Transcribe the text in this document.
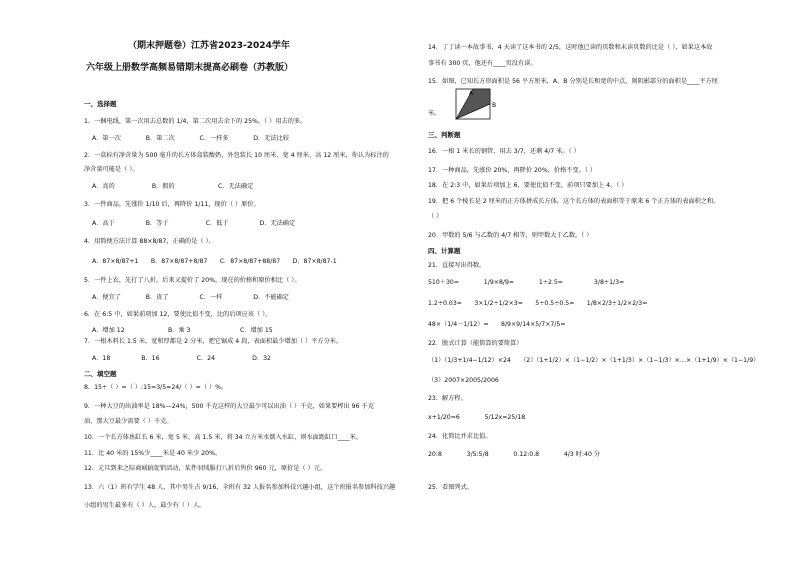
（期末押题卷）江苏省2023-2024学年
六年级上册数学高频易错期末提高必刷卷（苏教版）
一、选择题
1．一捆电线，第一次用去总数的 1/4，第二次用去余下的 25%，（ ）用去的多。
A．第一次　　　　B．第二次　　　　C．一样多　　　　D．无法比较
2．一盒标有净含量为 500 毫升的长方体盒装酸奶，外包装长 10 厘米、宽 4 厘米、高 12 厘米，你认为标注的
净含量可能是（ ）。
A．真的　　　　　　B．假的　　　　　　　C．无法确定
3．一件商品，先涨价 1/10 后，再降价 1/11，现价（ ）原价。
A．高于　　　　　B．等于　　　　　　C．低于　　　　　D．无法确定
4．用简便方法计算 88×8/87，正确的是（ ）。
A．87×8/87+1　　B．87×8/87+8/87　　C．87×8/87+88/87　　D．87×8/87-1
5．一件上衣，先打了八折，后来又提价了 20%，现在的价格和原价相比（ ）。
A．便宜了　　　　B．贵了　　　　　C．一样　　　　　D．不能确定
6．在 6:5 中，如果前项加 12，要使比值不变，比的后项应该（ ）。
A．增加 12　　　　　　　B．乘 3　　　　　　　　C．增加 15
7．一根木料长 1.5 米，宽和厚都是 2 分米，把它锯成 4 段，表面积最少增加（ ）平方分米。
A．18　　　　　B．16　　　　　　C．24　　　　　　D．32
二、填空题
8．15÷（ ）=（ ）:15=3/5=24/（ ）=（ ）%。
9．一种大豆的出油率是 18%—24%，500 千克这样的大豆最少可以出油（ ）千克，如果要榨出 96 千克
油，那大豆最少需要（ ）千克。
10．一个长方体鱼缸长 6 米，宽 5 米，高 1.5 米，将 34 立方米水倒入水缸，则水面距缸口____米。
11．比 40 米的 15%少____米是 40 米少 20%。
12．元旦到来之际商城搞促销活动，某件羽绒服打八折后售价 960 元，原价是（ ）元。
13．六（1）班有学生 48 人，其中男生占 9/16，全班有 32 人报名参加科技兴趣小组，这个班报名参加科技兴趣
小组的男生最多有（ ）人，最少有（ ）人。
14．丁丁读一本故事书，4 天读了这本书的 2/5，这时他已读的页数和未读页数的比是（ ），如果这本故
事书有 300 页，他还有____页没有读。
15．如图，已知长方形面积是 56 平方厘米，A、B 分别是长和宽的中点，则阴影部分的面积是____平方厘
米。
三、判断题
16．一根 1 米长的钢管，用去 3/7，还剩 4/7 米。（ ）
17．一种商品，先涨价 20%，再降价 20%，价格不变。（ ）
18．在 2:3 中，如果后项加上 6，要使比值不变，前项只要加上 4。（ ）
19．把 6 个棱长是 2 厘米的正方体拼成长方体，这个长方体的表面积等于原来 6 个正方体的表面积之和。
（ ）
20．甲数的 5/6 与乙数的 4/7 相等，则甲数大于乙数。（ ）
四、计算题
21．直接写出得数。
510＋30=　　　　1/9×8/9=　　　　1÷2.5=　　　　　3/8÷1/3=
1.2÷0.03=　　3×1/2÷1/2×3=　　5÷0.5÷0.5=　　1/8×2/3÷1/2×2/3=
48×（1/4－1/12）=　　8/9×9/14×5/7×7/5=
22．脱式计算（能简算的要简算）
（1）（1/3+1/4−1/12）×24　　（2）（1+1/2）×（1−1/2）×（1+1/3）×（1−1/3）×…×（1+1/9）×（1−1/9）
（3）2007×2005/2006
23．解方程。
x+1/20=6　　　　5/12x=25/18
24．化简比并求比值。
20:8　　　　3/5:5/8　　　　0.12:0.8　　　　4/3 时:40 分
25．看图列式。
A
B
